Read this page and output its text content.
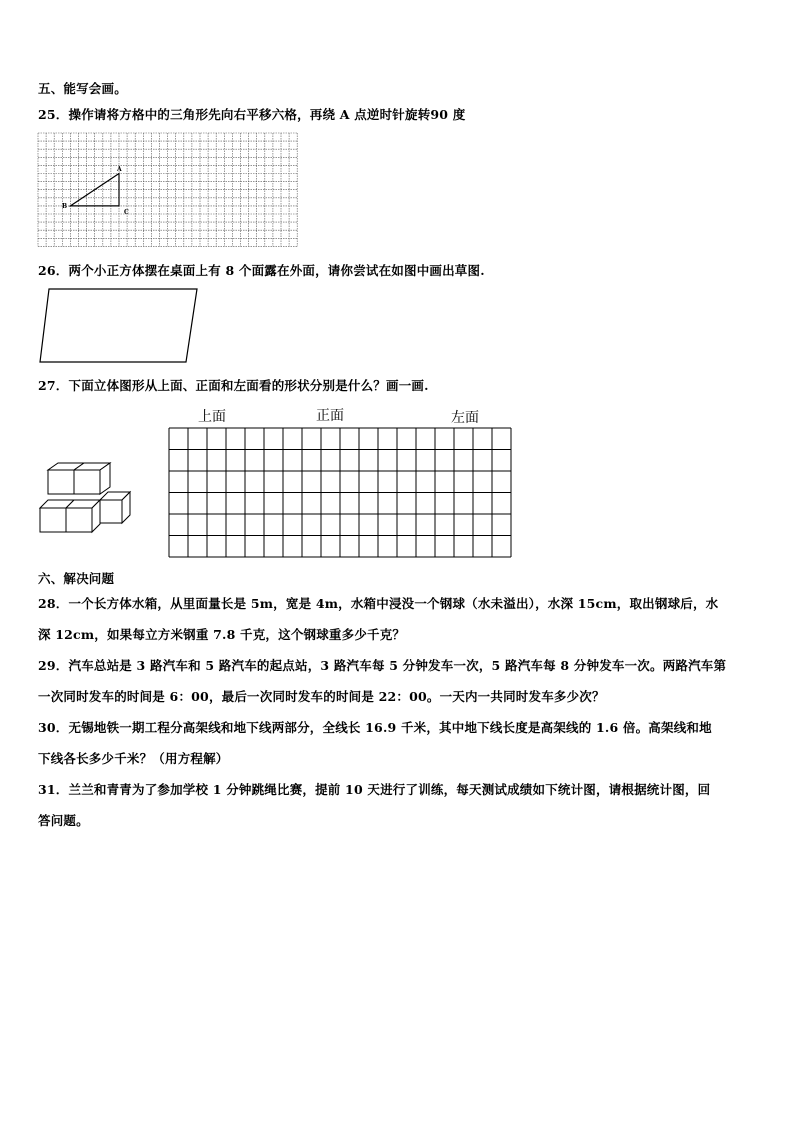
五、能写会画。
25．操作请将方格中的三角形先向右平移六格，再绕 A 点逆时针旋转90 度
A
B
C
26．两个小正方体摆在桌面上有 8 个面露在外面，请你尝试在如图中画出草图.
27．下面立体图形从上面、正面和左面看的形状分别是什么？画一画.
上面	正面	左面
六、解决问题
28．一个长方体水箱，从里面量长是 5m，宽是 4m，水箱中浸没一个钢球（水未溢出），水深 15cm，取出钢球后，水
深 12cm，如果每立方米钢重 7.8 千克，这个钢球重多少千克？
29．汽车总站是 3 路汽车和 5 路汽车的起点站，3 路汽车每 5 分钟发车一次，5 路汽车每 8 分钟发车一次。两路汽车第
一次同时发车的时间是 6：00，最后一次同时发车的时间是 22：00。一天内一共同时发车多少次？
30．无锡地铁一期工程分高架线和地下线两部分，全线长 16.9 千米，其中地下线长度是高架线的 1.6 倍。高架线和地
下线各长多少千米？（用方程解）
31．兰兰和青青为了参加学校 1 分钟跳绳比赛，提前 10 天进行了训练，每天测试成绩如下统计图，请根据统计图，回
答问题。
